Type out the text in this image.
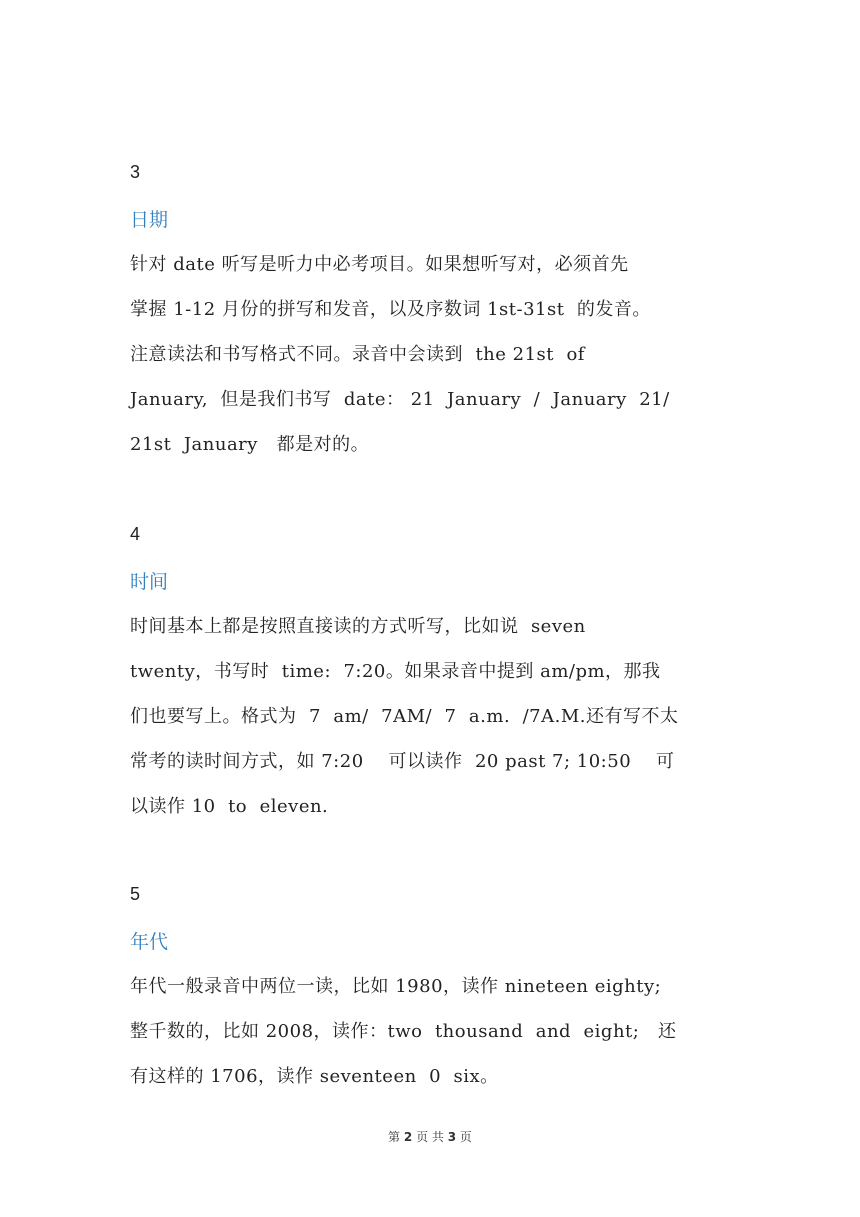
3
日期
针对 date 听写是听力中必考项目。如果想听写对，必须首先
掌握 1-12 月份的拼写和发音，以及序数词 1st-31st  的发音。
注意读法和书写格式不同。录音中会读到  the 21st  of
January,  但是我们书写  date： 21  January  /  January  21/
21st  January   都是对的。
4
时间
时间基本上都是按照直接读的方式听写，比如说  seven
twenty，书写时  time:  7:20。如果录音中提到 am/pm，那我
们也要写上。格式为  7  am/  7AM/  7  a.m.  /7A.M.还有写不太
常考的读时间方式，如 7:20    可以读作  20 past 7; 10:50    可
以读作 10  to  eleven.
5
年代
年代一般录音中两位一读，比如 1980，读作 nineteen eighty;
整千数的，比如 2008，读作：two  thousand  and  eight;   还
有这样的 1706，读作 seventeen  0  six。
第 2 页 共 3 页
